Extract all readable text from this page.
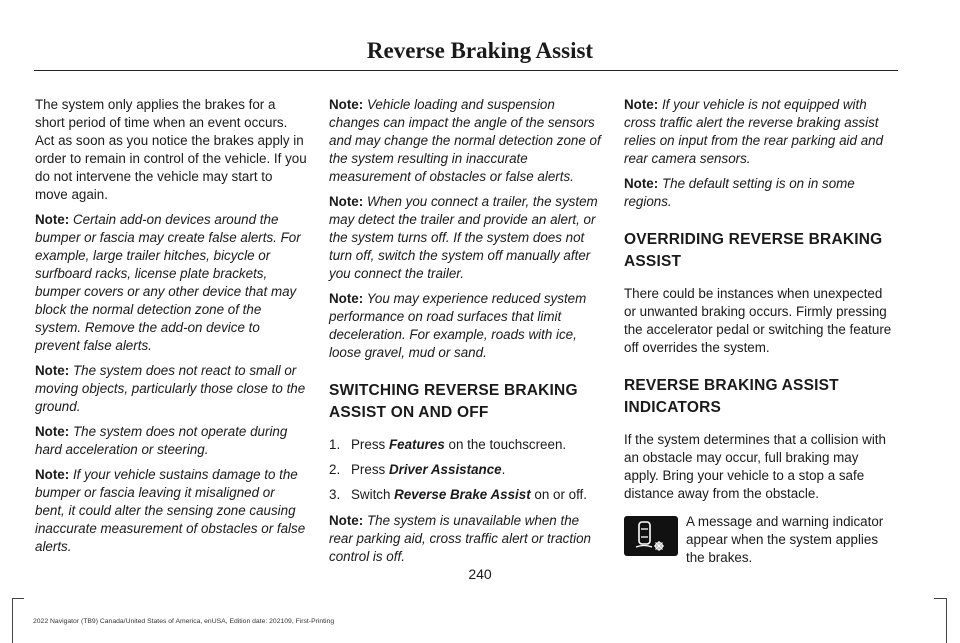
Reverse Braking Assist

The system only applies the brakes for a short period of time when an event occurs. Act as soon as you notice the brakes apply in order to remain in control of the vehicle. If you do not intervene the vehicle may start to move again.

Note: Certain add-on devices around the bumper or fascia may create false alerts. For example, large trailer hitches, bicycle or surfboard racks, license plate brackets, bumper covers or any other device that may block the normal detection zone of the system. Remove the add-on device to prevent false alerts.

Note: The system does not react to small or moving objects, particularly those close to the ground.

Note: The system does not operate during hard acceleration or steering.

Note: If your vehicle sustains damage to the bumper or fascia leaving it misaligned or bent, it could alter the sensing zone causing inaccurate measurement of obstacles or false alerts.

Note: Vehicle loading and suspension changes can impact the angle of the sensors and may change the normal detection zone of the system resulting in inaccurate measurement of obstacles or false alerts.

Note: When you connect a trailer, the system may detect the trailer and provide an alert, or the system turns off. If the system does not turn off, switch the system off manually after you connect the trailer.

Note: You may experience reduced system performance on road surfaces that limit deceleration. For example, roads with ice, loose gravel, mud or sand.

SWITCHING REVERSE BRAKING
ASSIST ON AND OFF

1. Press Features on the touchscreen.
2. Press Driver Assistance.
3. Switch Reverse Brake Assist on or off.

Note: The system is unavailable when the rear parking aid, cross traffic alert or traction control is off.

Note: If your vehicle is not equipped with cross traffic alert the reverse braking assist relies on input from the rear parking aid and rear camera sensors.

Note: The default setting is on in some regions.

OVERRIDING REVERSE BRAKING
ASSIST

There could be instances when unexpected or unwanted braking occurs. Firmly pressing the accelerator pedal or switching the feature off overrides the system.

REVERSE BRAKING ASSIST
INDICATORS

If the system determines that a collision with an obstacle may occur, full braking may apply. Bring your vehicle to a stop a safe distance away from the obstacle.

A message and warning indicator appear when the system applies the brakes.
240
2022 Navigator (TB9) Canada/United States of America, enUSA, Edition date: 202109, First-Printing
